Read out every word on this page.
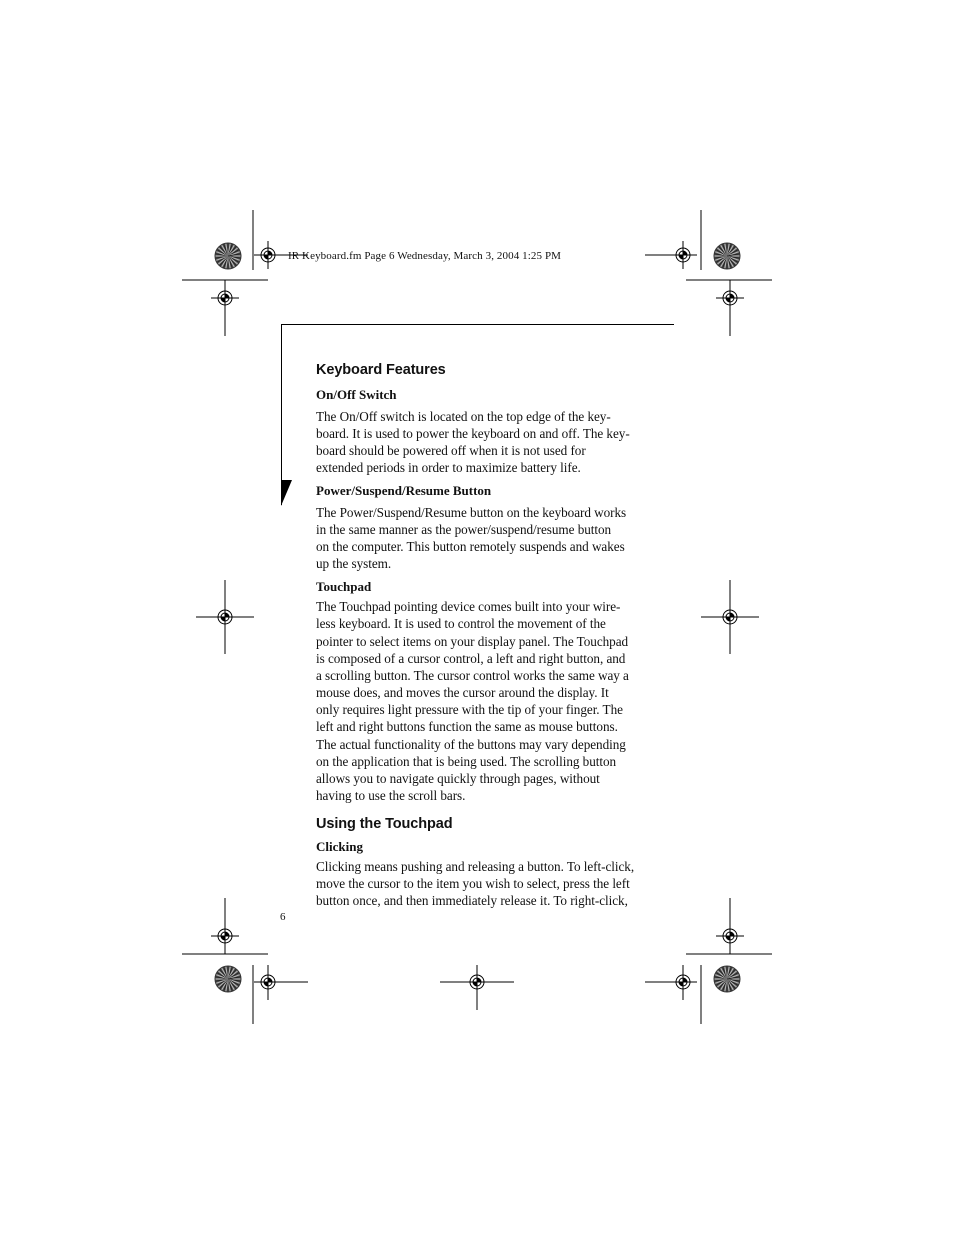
IR Keyboard.fm Page 6 Wednesday, March 3, 2004 1:25 PM
Keyboard Features
On/Off Switch
The On/Off switch is located on the top edge of the key-
board. It is used to power the keyboard on and off. The key-
board should be powered off when it is not used for
extended periods in order to maximize battery life.
Power/Suspend/Resume Button
The Power/Suspend/Resume button on the keyboard works
in the same manner as the power/suspend/resume button
on the computer. This button remotely suspends and wakes
up the system.
Touchpad
The Touchpad pointing device comes built into your wire-
less keyboard. It is used to control the movement of the
pointer to select items on your display panel. The Touchpad
is composed of a cursor control, a left and right button, and
a scrolling button. The cursor control works the same way a
mouse does, and moves the cursor around the display. It
only requires light pressure with the tip of your finger. The
left and right buttons function the same as mouse buttons.
The actual functionality of the buttons may vary depending
on the application that is being used. The scrolling button
allows you to navigate quickly through pages, without
having to use the scroll bars.
Using the Touchpad
Clicking
Clicking means pushing and releasing a button. To left-click,
move the cursor to the item you wish to select, press the left
button once, and then immediately release it. To right-click,
6
